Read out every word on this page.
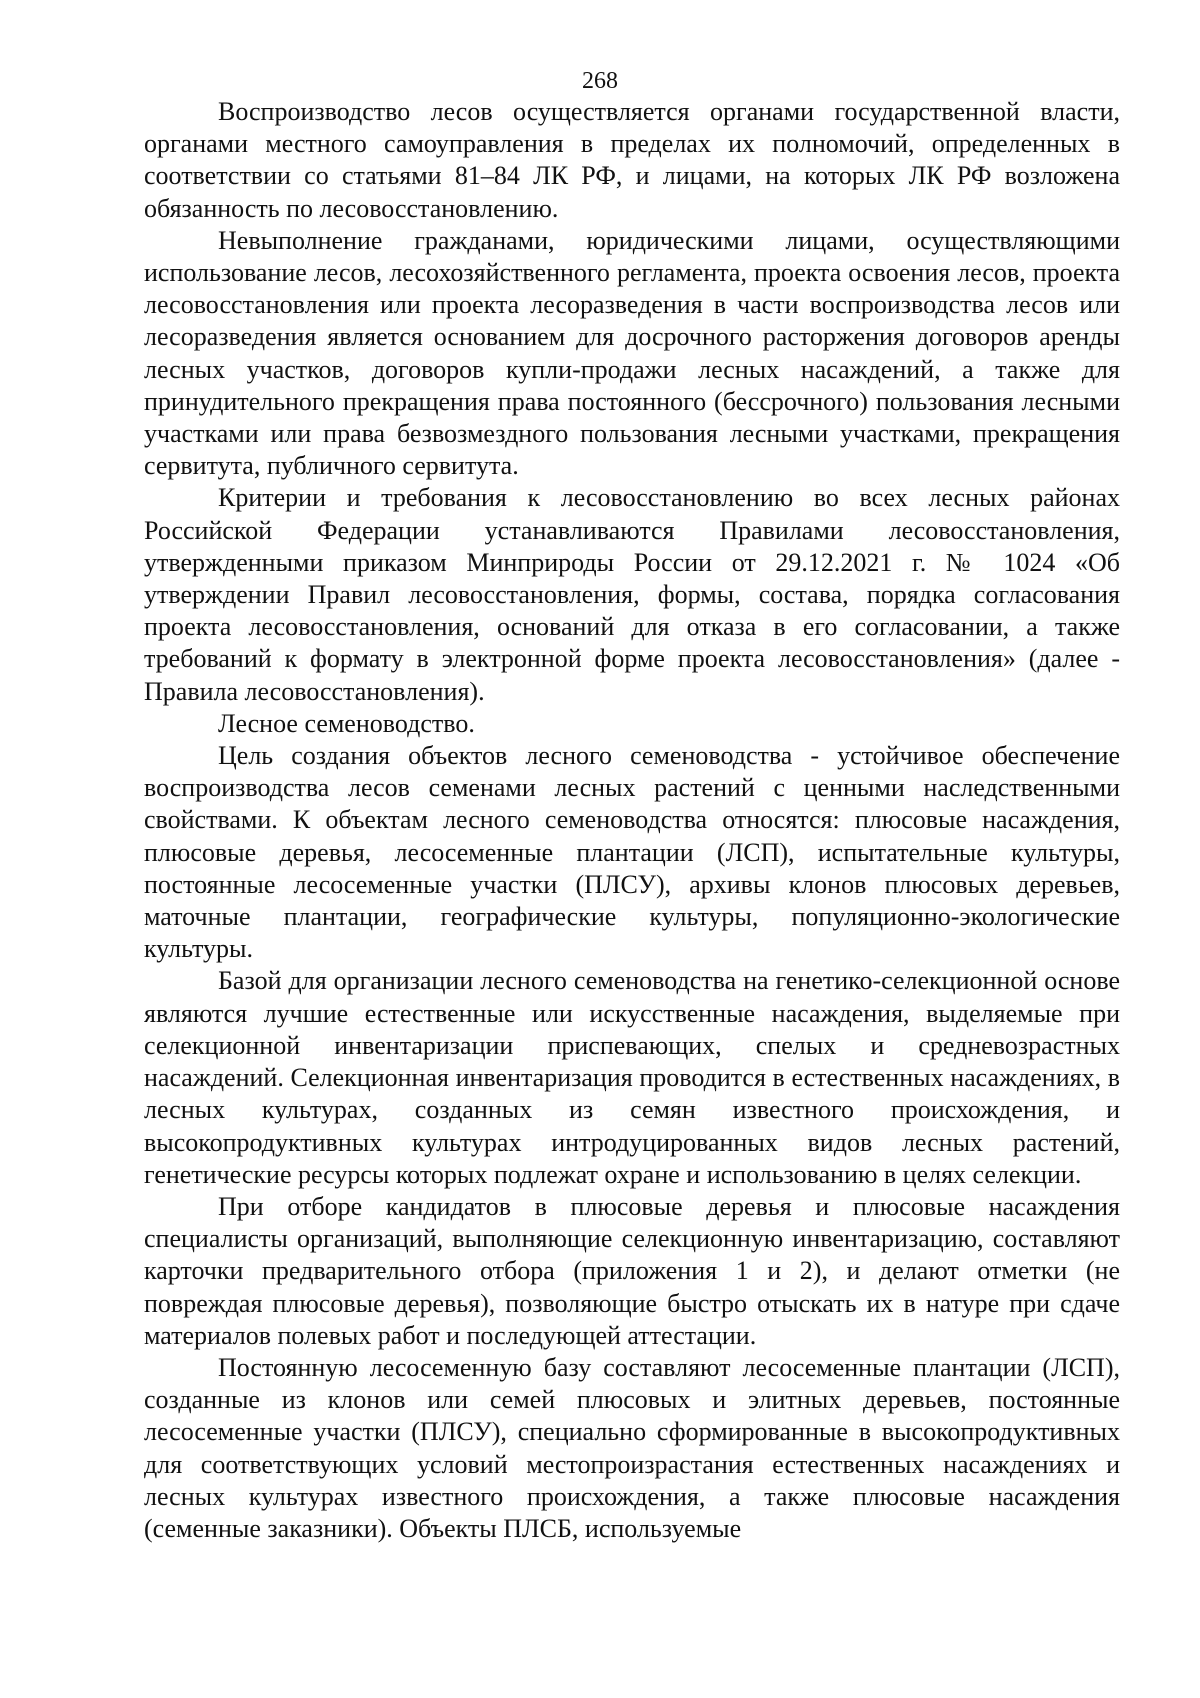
268

Воспроизводство лесов осуществляется органами государственной власти, органами местного самоуправления в пределах их полномочий, определенных в соответствии со статьями 81–84 ЛК РФ, и лицами, на которых ЛК РФ возложена обязанность по лесовосстановлению.

Невыполнение гражданами, юридическими лицами, осуществляющими использование лесов, лесохозяйственного регламента, проекта освоения лесов, проекта лесовосстановления или проекта лесоразведения в части воспроизводства лесов или лесоразведения является основанием для досрочного расторжения договоров аренды лесных участков, договоров купли-продажи лесных насаждений, а также для принудительного прекращения права постоянного (бессрочного) пользования лесными участками или права безвозмездного пользования лесными участками, прекращения сервитута, публичного сервитута.

Критерии и требования к лесовосстановлению во всех лесных районах Российской Федерации устанавливаются Правилами лесовосстановления, утвержденными приказом Минприроды России от 29.12.2021 г. № 1024 «Об утверждении Правил лесовосстановления, формы, состава, порядка согласования проекта лесовосстановления, оснований для отказа в его согласовании, а также требований к формату в электронной форме проекта лесовосстановления» (далее - Правила лесовосстановления).

Лесное семеноводство.

Цель создания объектов лесного семеноводства - устойчивое обеспечение воспроизводства лесов семенами лесных растений с ценными наследственными свойствами. К объектам лесного семеноводства относятся: плюсовые насаждения, плюсовые деревья, лесосеменные плантации (ЛСП), испытательные культуры, постоянные лесосеменные участки (ПЛСУ), архивы клонов плюсовых деревьев, маточные плантации, географические культуры, популяционно-экологические культуры.

Базой для организации лесного семеноводства на генетико-селекционной основе являются лучшие естественные или искусственные насаждения, выделяемые при селекционной инвентаризации приспевающих, спелых и средневозрастных насаждений. Селекционная инвентаризация проводится в естественных насаждениях, в лесных культурах, созданных из семян известного происхождения, и высокопродуктивных культурах интродуцированных видов лесных растений, генетические ресурсы которых подлежат охране и использованию в целях селекции.

При отборе кандидатов в плюсовые деревья и плюсовые насаждения специалисты организаций, выполняющие селекционную инвентаризацию, составляют карточки предварительного отбора (приложения 1 и 2), и делают отметки (не повреждая плюсовые деревья), позволяющие быстро отыскать их в натуре при сдаче материалов полевых работ и последующей аттестации.

Постоянную лесосеменную базу составляют лесосеменные плантации (ЛСП), созданные из клонов или семей плюсовых и элитных деревьев, постоянные лесосеменные участки (ПЛСУ), специально сформированные в высокопродуктивных для соответствующих условий местопроизрастания естественных насаждениях и лесных культурах известного происхождения, а также плюсовые насаждения (семенные заказники). Объекты ПЛСБ, используемые
